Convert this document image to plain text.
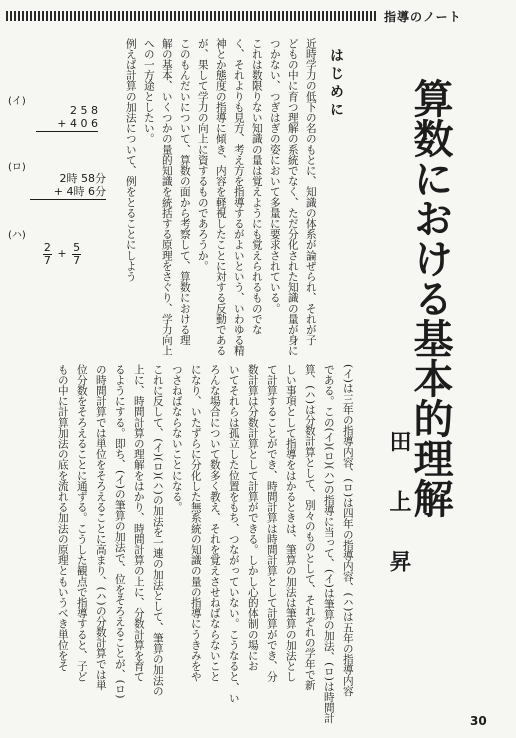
指導のノート
算数における基本的理解
田上昇
はじめに
近時学力の低下の名のもとに、知識の体系が論ぜられ、それが子
どもの中に育つ理解の系統でなく、ただ分化された知識の量が身に
つかない、つぎはぎの姿において多量に要求されている。
これは数限りない知識の量は覚えようにも覚えられるものでな
く、それよりも見方、考え方を指導するがよいという、いわゆる精
神とか態度の指導に傾き、内容を軽視したことに対する反動である
が、果して学力の向上に資するものであろうか。
このもんだいについて、算数の面から考察して、算数における理
解の基本、いくつかの量的知識を統括する原理をさぐり、学力向上
への一方途としたい。
例えば計算の加法について、例をとることにしよう
(イ)
2 5 8
+ 4 0 6
(ロ)
2時 58分
+ 4時 6分
(ハ)
$\frac{2}{7} + \frac{5}{7}$
(イ)は三年の指導内容、(ロ)は四年の指導内容、(ハ)は五年の指導内容
である。この(イ)(ロ)(ハ)の指導に当って、(イ)は筆算の加法、(ロ)は時間計
算、(ハ)は分数計算として、別々のものとして、それぞれの学年で新
しい事項として指導をはかるときは、筆算の加法は筆算の加法とし
て計算することができ、時間計算は時間計算として計算ができ、分
数計算は分数計算として計算ができる。しかし心的体制の場にお
いてそれらは孤立した位置をもち、つながっていない。こうなると、い
ろんな場合について数多く教え、それを覚えさせねばならないこと
になり、いたずらに分化した無系統の知識の量の指導にうきみをや
つさねばならないことになる。
これに反して、(イ)(ロ)(ハ)の加法を一連の加法として、筆算の加法の
上に、時間計算の理解をはかり、時間計算の上に、分数計算を育て
るようにする。即ち、(イ)の筆算の加法で、位をそろえることが、(ロ)
の時間計算では単位をそろえることに高まり、(ハ)の分数計算では単
位分数をそろえることに通ずる。こうした観点で指導すると、子ど
もの中に計算加法の底を流れる加法の原理ともいうべき単位をそ
30
